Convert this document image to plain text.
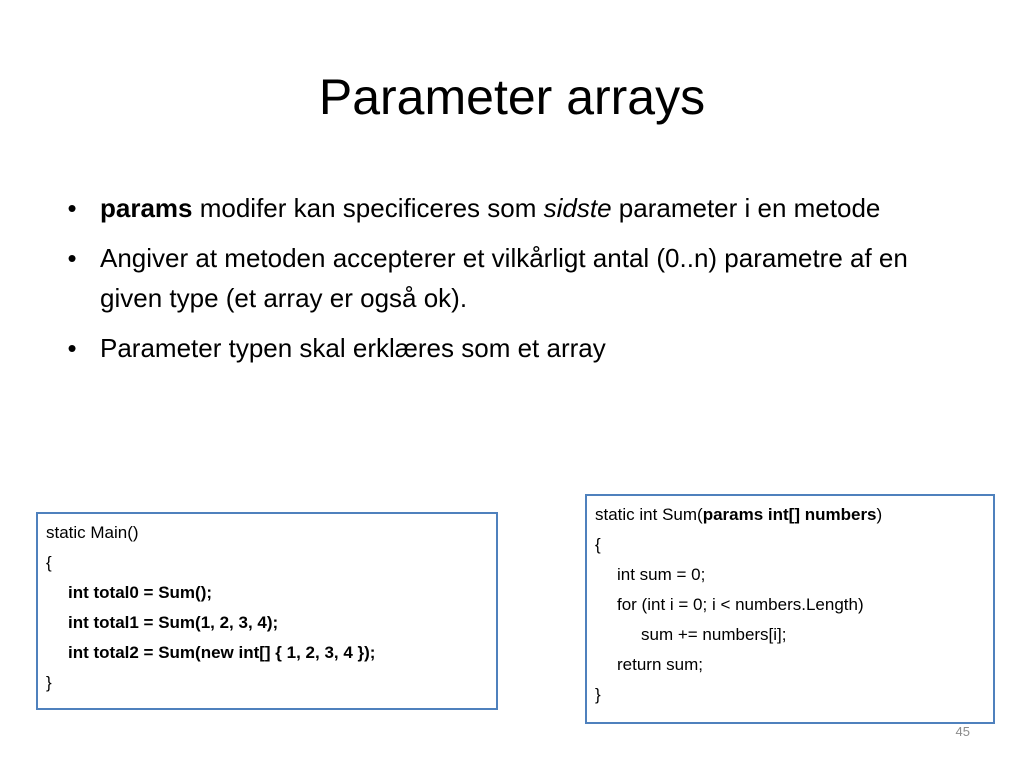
Parameter arrays
• params modifer kan specificeres som sidste parameter i en metode
• Angiver at metoden accepterer et vilkårligt antal (0..n) parametre af en given type (et array er også ok).
• Parameter typen skal erklæres som et array
static Main()
{
int total0 = Sum();
int total1 = Sum(1, 2, 3, 4);
int total2 = Sum(new int[] { 1, 2, 3, 4 });
}
static int Sum(params int[] numbers)
{
int sum = 0;
for (int i = 0; i < numbers.Length)
sum += numbers[i];
return sum;
}
45
